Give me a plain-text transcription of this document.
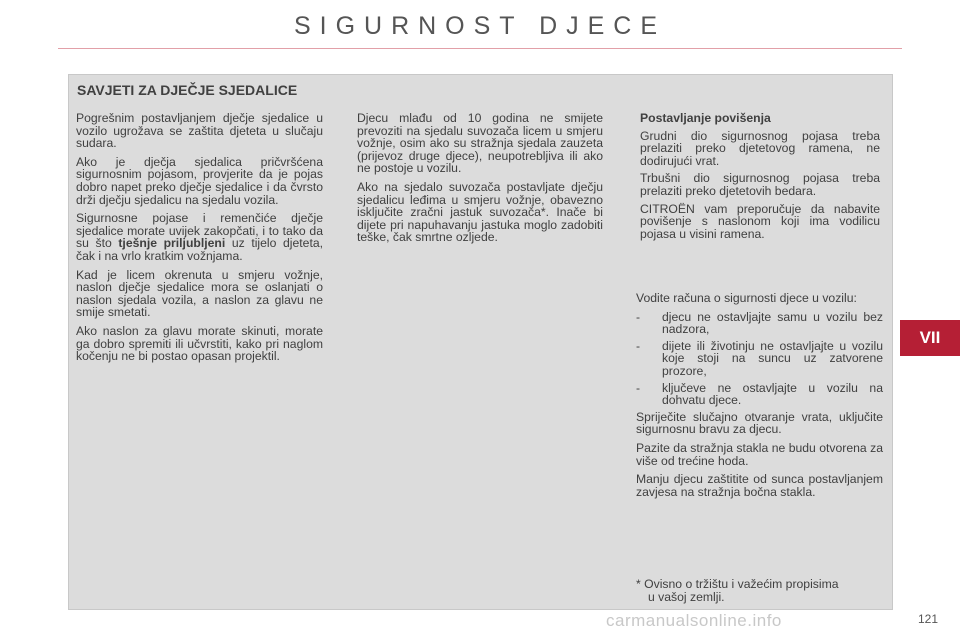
SIGURNOST DJECE
SAVJETI ZA DJEČJE SJEDALICE

Pogrešnim postavljanjem dječje sjedalice u vozilo ugrožava se zaštita djeteta u slučaju sudara.

Ako je dječja sjedalica pričvršćena sigurnosnim pojasom, provjerite da je pojas dobro napet preko dječje sjedalice i da čvrsto drži dječju sjedalicu na sjedalu vozila.

Sigurnosne pojase i remenčiće dječje sjedalice morate uvijek zakopčati, i to tako da su što tješnje priljubljeni uz tijelo djeteta, čak i na vrlo kratkim vožnjama.

Kad je licem okrenuta u smjeru vožnje, naslon dječje sjedalice mora se oslanjati o naslon sjedala vozila, a naslon za glavu ne smije smetati.

Ako naslon za glavu morate skinuti, morate ga dobro spremiti ili učvrstiti, kako pri naglom kočenju ne bi postao opasan projektil.

Djecu mlađu od 10 godina ne smijete prevoziti na sjedalu suvozača licem u smjeru vožnje, osim ako su stražnja sjedala zauzeta (prijevoz druge djece), neupotrebljiva ili ako ne postoje u vozilu.

Ako na sjedalo suvozača postavljate dječju sjedalicu leđima u smjeru vožnje, obavezno isključite zračni jastuk suvozača*. Inače bi dijete pri napuhavanju jastuka moglo zadobiti teške, čak smrtne ozljede.

Postavljanje povišenja

Grudni dio sigurnosnog pojasa treba prelaziti preko djetetovog ramena, ne dodirujući vrat.

Trbušni dio sigurnosnog pojasa treba prelaziti preko djetetovih bedara.

CITROËN vam preporučuje da nabavite povišenje s naslonom koji ima vodilicu pojasa u visini ramena.

Vodite računa o sigurnosti djece u vozilu:

- djecu ne ostavljajte samu u vozilu bez nadzora,
- dijete ili životinju ne ostavljajte u vozilu koje stoji na suncu uz zatvorene prozore,
- ključeve ne ostavljajte u vozilu na dohvatu djece.

Spriječite slučajno otvaranje vrata, uključite sigurnosnu bravu za djecu.

Pazite da stražnja stakla ne budu otvorena za više od trećine hoda.

Manju djecu zaštitite od sunca postavljanjem zavjesa na stražnja bočna stakla.

* Ovisno o tržištu i važećim propisima
u vašoj zemlji.
VII
carmanualsonline.info	121
